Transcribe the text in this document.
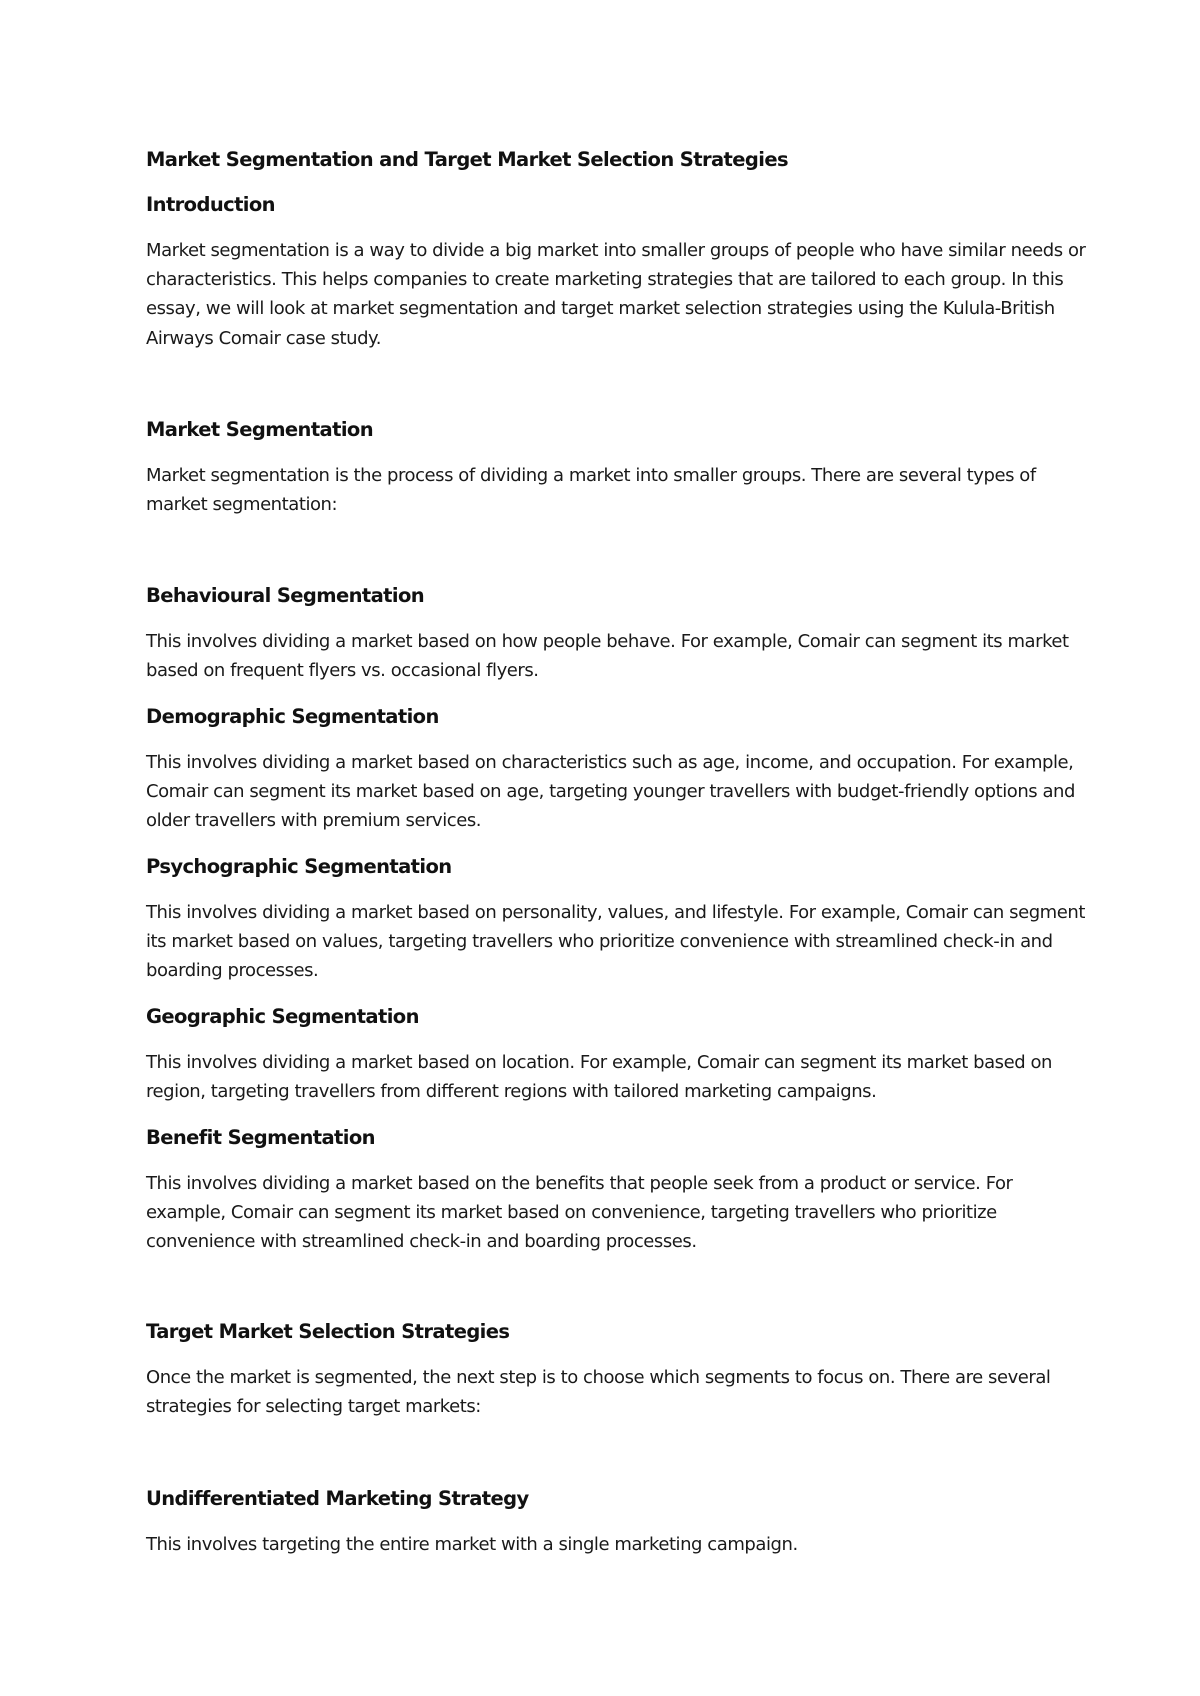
Market Segmentation and Target Market Selection Strategies
Introduction

Market segmentation is a way to divide a big market into smaller groups of people who have similar needs or characteristics. This helps companies to create marketing strategies that are tailored to each group. In this essay, we will look at market segmentation and target market selection strategies using the Kulula-British Airways Comair case study.

Market Segmentation

Market segmentation is the process of dividing a market into smaller groups. There are several types of market segmentation:

Behavioural Segmentation

This involves dividing a market based on how people behave. For example, Comair can segment its market based on frequent flyers vs. occasional flyers.

Demographic Segmentation

This involves dividing a market based on characteristics such as age, income, and occupation. For example, Comair can segment its market based on age, targeting younger travellers with budget-friendly options and older travellers with premium services.

Psychographic Segmentation

This involves dividing a market based on personality, values, and lifestyle. For example, Comair can segment its market based on values, targeting travellers who prioritize convenience with streamlined check-in and boarding processes.

Geographic Segmentation

This involves dividing a market based on location. For example, Comair can segment its market based on region, targeting travellers from different regions with tailored marketing campaigns.

Benefit Segmentation

This involves dividing a market based on the benefits that people seek from a product or service. For example, Comair can segment its market based on convenience, targeting travellers who prioritize convenience with streamlined check-in and boarding processes.

Target Market Selection Strategies

Once the market is segmented, the next step is to choose which segments to focus on. There are several strategies for selecting target markets:

Undifferentiated Marketing Strategy

This involves targeting the entire market with a single marketing campaign.
